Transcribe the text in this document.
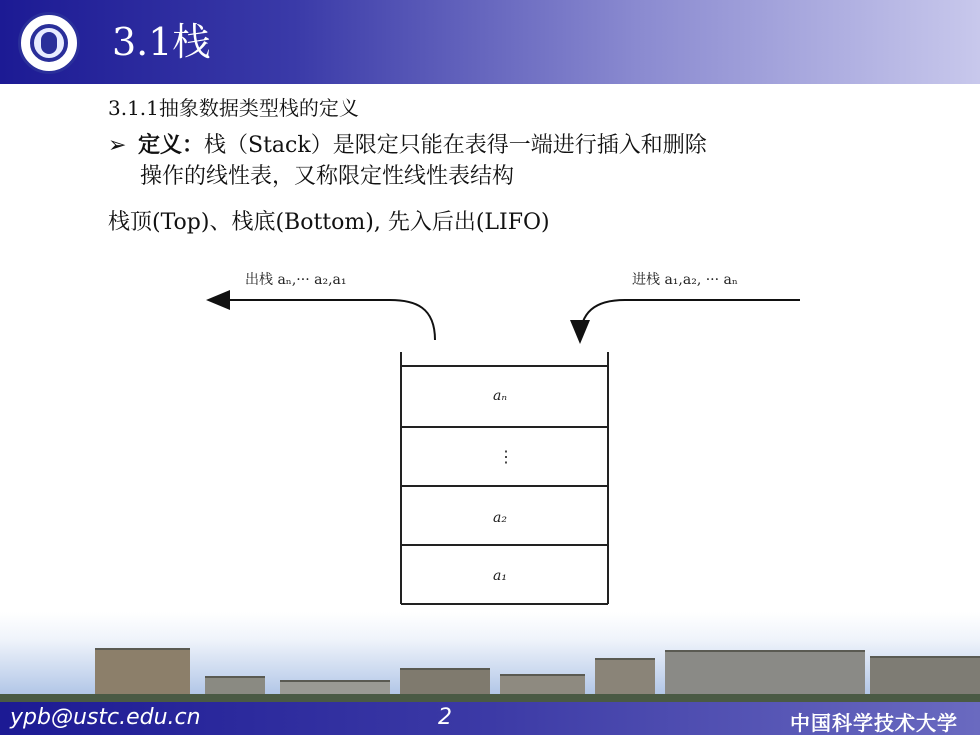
3.1栈
3.1.1抽象数据类型栈的定义
➢ 定义：栈（Stack）是限定只能在表得一端进行插入和删除
操作的线性表，又称限定性线性表结构
栈顶(Top)、栈底(Bottom), 先入后出(LIFO)
出栈 aₙ,··· a₂,a₁	进栈 a₁,a₂, ··· aₙ
aₙ
⋮
a₂
a₁
ypb@ustc.edu.cn	2	中国科学技术大学
